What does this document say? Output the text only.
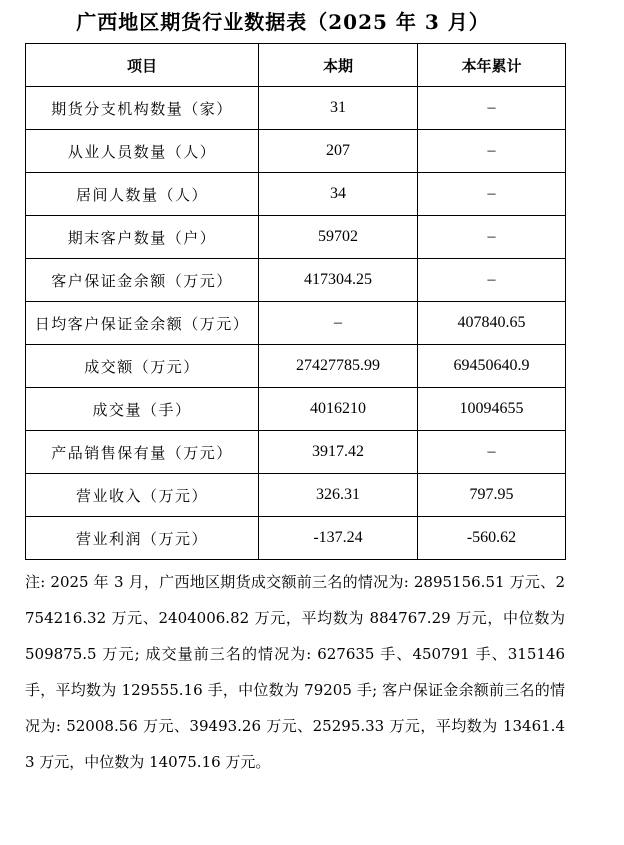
广西地区期货行业数据表（2025 年 3 月）
项目	本期	本年累计
期货分支机构数量（家）	31	–
从业人员数量（人）	207	–
居间人数量（人）	34	–
期末客户数量（户）	59702	–
客户保证金余额（万元）	417304.25	–
日均客户保证金余额（万元）	–	407840.65
成交额（万元）	27427785.99	69450640.9
成交量（手）	4016210	10094655
产品销售保有量（万元）	3917.42	–
营业收入（万元）	326.31	797.95
营业利润（万元）	-137.24	-560.62
注: 2025 年 3 月，广西地区期货成交额前三名的情况为: 2895156.51 万元、2754216.32 万元、2404006.82 万元，平均数为 884767.29 万元，中位数为 509875.5 万元; 成交量前三名的情况为: 627635 手、450791 手、315146 手，平均数为 129555.16 手，中位数为 79205 手; 客户保证金余额前三名的情况为: 52008.56 万元、39493.26 万元、25295.33 万元，平均数为 13461.43 万元，中位数为 14075.16 万元。
